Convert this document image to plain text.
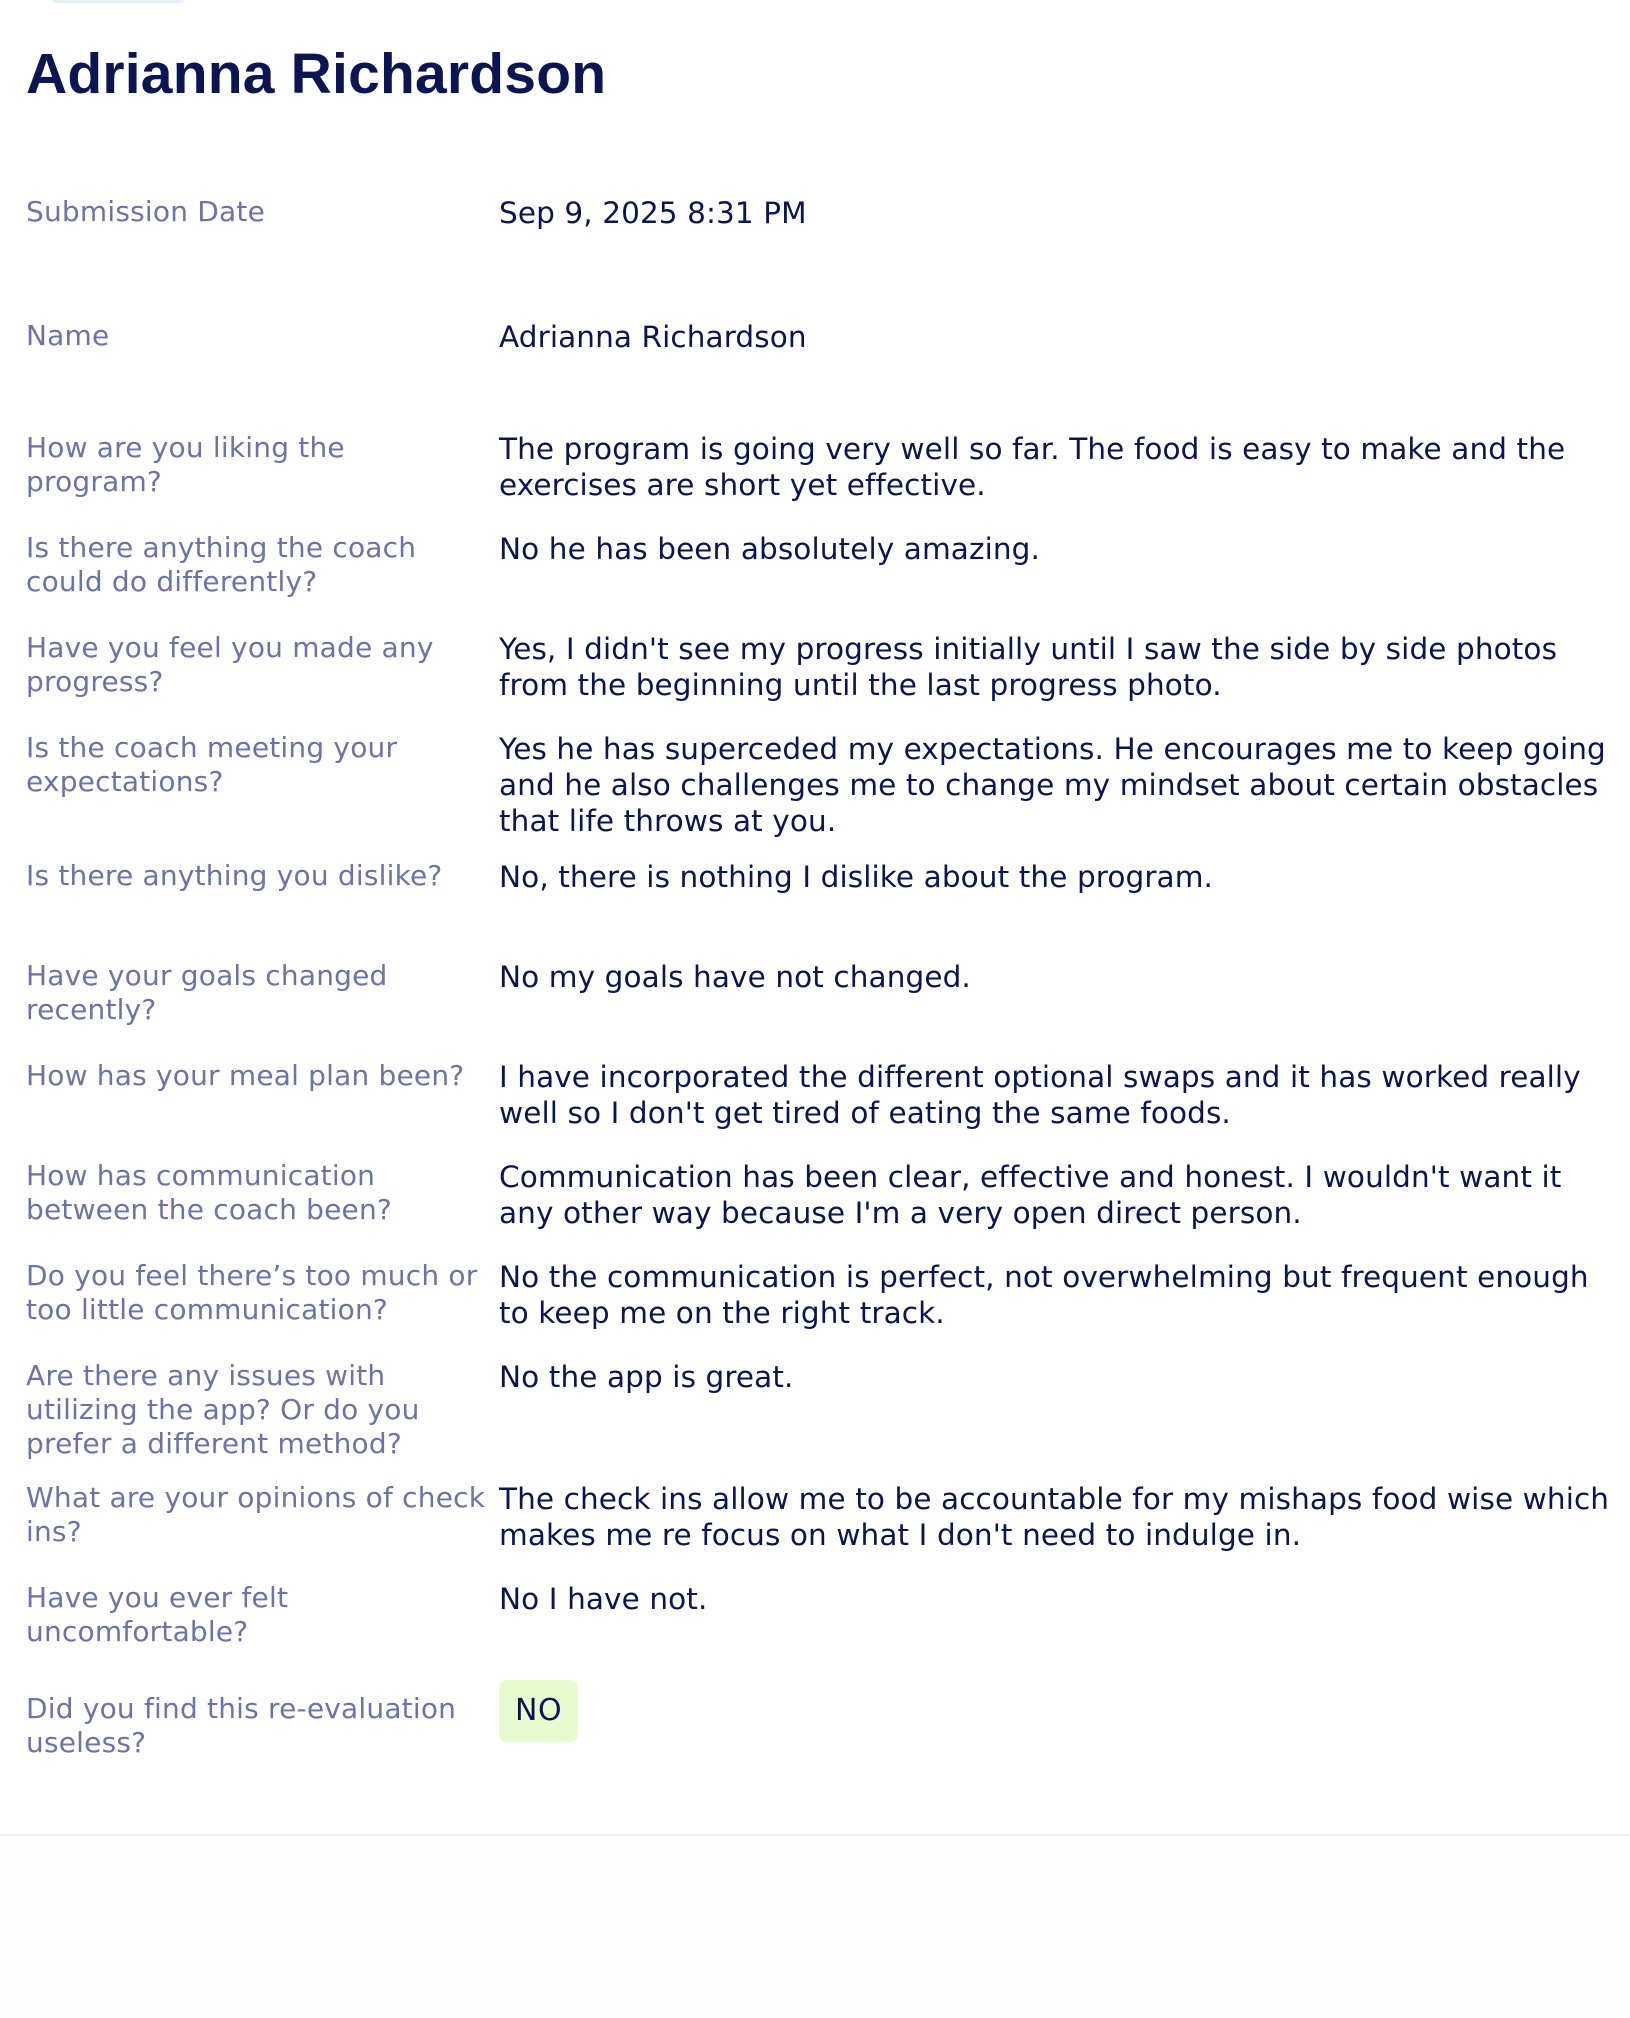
Adrianna Richardson
Submission Date	Sep 9, 2025 8:31 PM
Name	Adrianna Richardson
How are you liking the program?
The program is going very well so far. The food is easy to make and the exercises are short yet effective.
Is there anything the coach could do differently?
No he has been absolutely amazing.
Have you feel you made any progress?
Yes, I didn't see my progress initially until I saw the side by side photos from the beginning until the last progress photo.
Is the coach meeting your expectations?
Yes he has superceded my expectations. He encourages me to keep going and he also challenges me to change my mindset about certain obstacles that life throws at you.
Is there anything you dislike?	No, there is nothing I dislike about the program.
Have your goals changed recently?
No my goals have not changed.
How has your meal plan been?	I have incorporated the different optional swaps and it has worked really well so I don't get tired of eating the same foods.
How has communication between the coach been?
Communication has been clear, effective and honest. I wouldn't want it any other way because I'm a very open direct person.
Do you feel there’s too much or too little communication?
No the communication is perfect, not overwhelming but frequent enough to keep me on the right track.
Are there any issues with utilizing the app? Or do you prefer a different method?
No the app is great.
What are your opinions of check ins?
The check ins allow me to be accountable for my mishaps food wise which makes me re focus on what I don't need to indulge in.
Have you ever felt uncomfortable?
No I have not.
Did you find this re-evaluation useless?
NO
